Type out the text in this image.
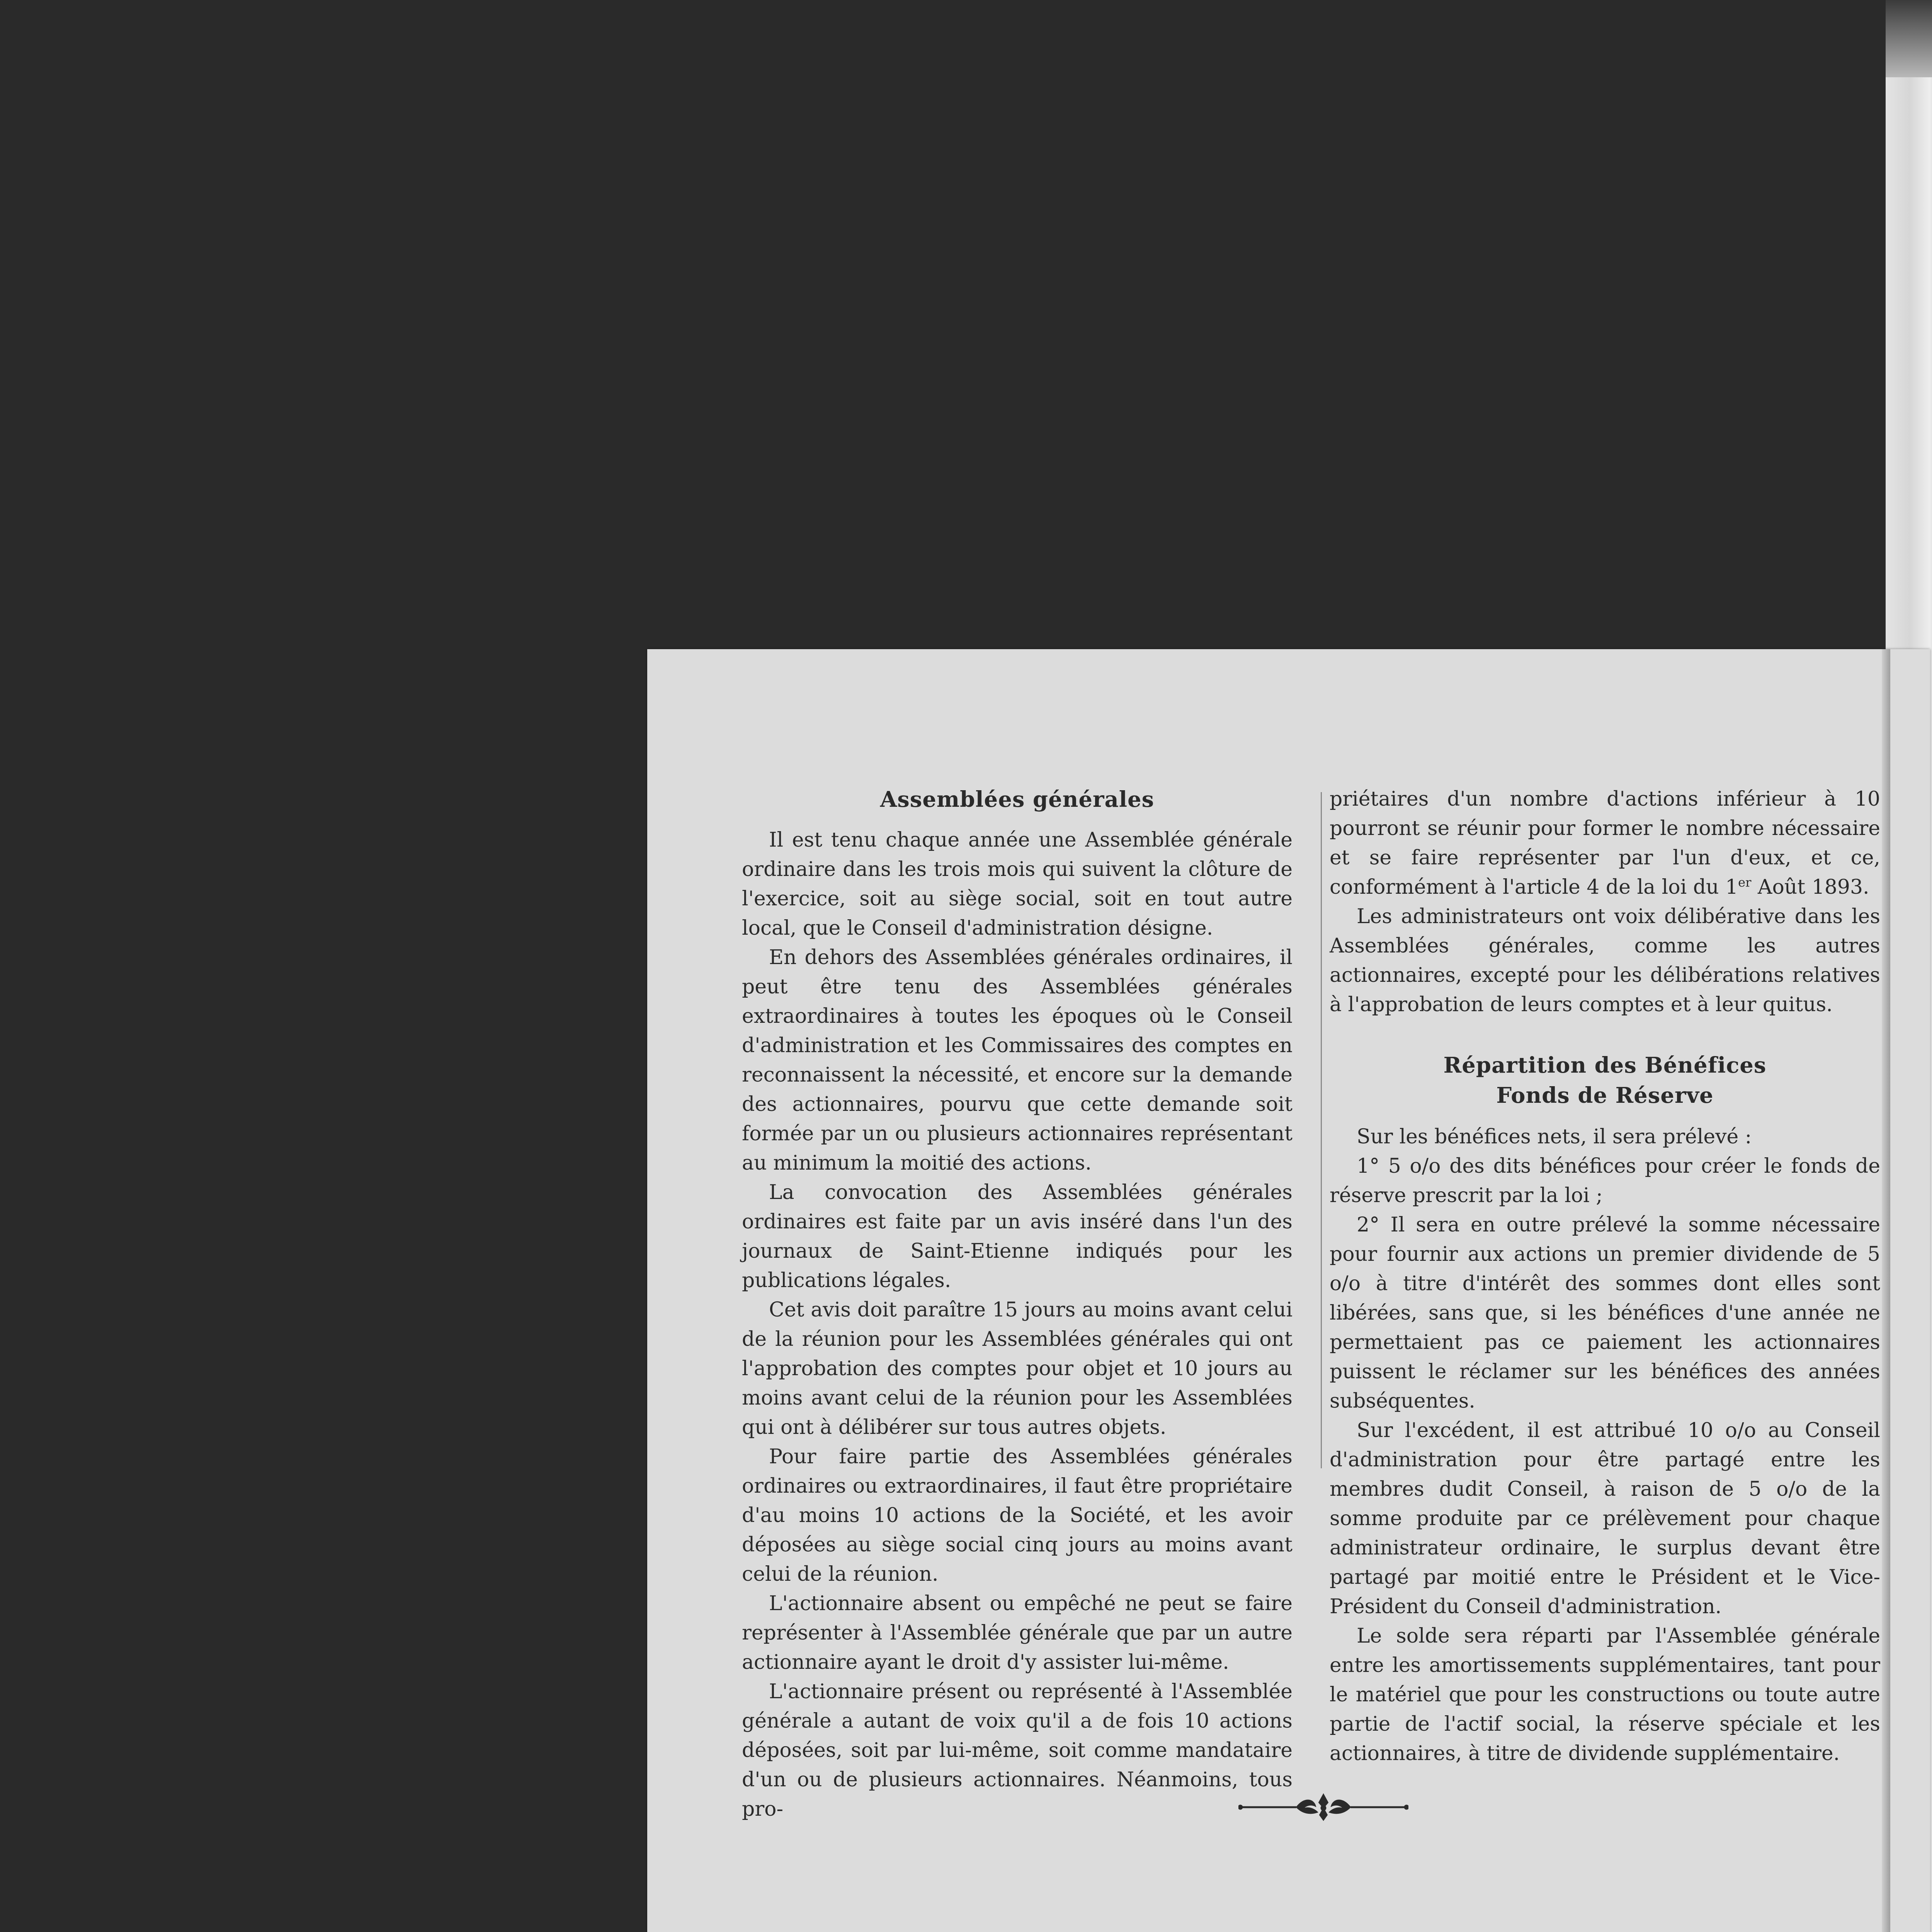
Assemblées générales

Il est tenu chaque année une Assemblée générale ordinaire dans les trois mois qui suivent la clôture de l'exercice, soit au siège social, soit en tout autre local, que le Conseil d'administration désigne.

En dehors des Assemblées générales ordinaires, il peut être tenu des Assemblées générales extraordinaires à toutes les époques où le Conseil d'administration et les Commissaires des comptes en reconnaissent la nécessité, et encore sur la demande des actionnaires, pourvu que cette demande soit formée par un ou plusieurs actionnaires représentant au minimum la moitié des actions.

La convocation des Assemblées générales ordinaires est faite par un avis inséré dans l'un des journaux de Saint-Etienne indiqués pour les publications légales.

Cet avis doit paraître 15 jours au moins avant celui de la réunion pour les Assemblées générales qui ont l'approbation des comptes pour objet et 10 jours au moins avant celui de la réunion pour les Assemblées qui ont à délibérer sur tous autres objets.

Pour faire partie des Assemblées générales ordinaires ou extraordinaires, il faut être propriétaire d'au moins 10 actions de la Société, et les avoir déposées au siège social cinq jours au moins avant celui de la réunion.

L'actionnaire absent ou empêché ne peut se faire représenter à l'Assemblée générale que par un autre actionnaire ayant le droit d'y assister lui-même.

L'actionnaire présent ou représenté à l'Assemblée générale a autant de voix qu'il a de fois 10 actions déposées, soit par lui-même, soit comme mandataire d'un ou de plusieurs actionnaires. Néanmoins, tous pro-

priétaires d'un nombre d'actions inférieur à 10 pourront se réunir pour former le nombre nécessaire et se faire représenter par l'un d'eux, et ce, conformément à l'article 4 de la loi du 1er Août 1893.

Les administrateurs ont voix délibérative dans les Assemblées générales, comme les autres actionnaires, excepté pour les délibérations relatives à l'approbation de leurs comptes et à leur quitus.

Répartition des Bénéfices
Fonds de Réserve

Sur les bénéfices nets, il sera prélevé :

1° 5 o/o des dits bénéfices pour créer le fonds de réserve prescrit par la loi ;

2° Il sera en outre prélevé la somme nécessaire pour fournir aux actions un premier dividende de 5 o/o à titre d'intérêt des sommes dont elles sont libérées, sans que, si les bénéfices d'une année ne permettaient pas ce paiement les actionnaires puissent le réclamer sur les bénéfices des années subséquentes.

Sur l'excédent, il est attribué 10 o/o au Conseil d'administration pour être partagé entre les membres dudit Conseil, à raison de 5 o/o de la somme produite par ce prélèvement pour chaque administrateur ordinaire, le surplus devant être partagé par moitié entre le Président et le Vice-Président du Conseil d'administration.

Le solde sera réparti par l'Assemblée générale entre les amortissements supplémentaires, tant pour le matériel que pour les constructions ou toute autre partie de l'actif social, la réserve spéciale et les actionnaires, à titre de dividende supplémentaire.
